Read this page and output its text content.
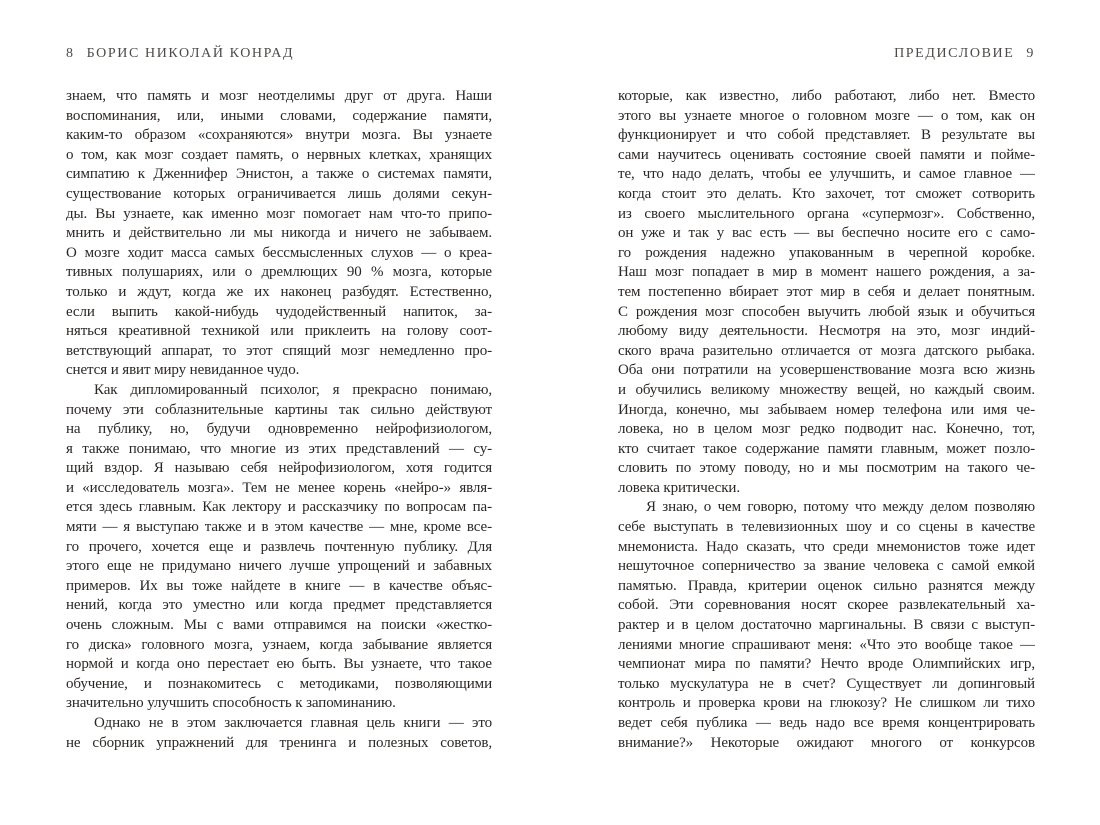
8 БОРИС НИКОЛАЙ КОНРАД
знаем, что память и мозг неотделимы друг от друга. Наши
воспоминания, или, иными словами, содержание памяти,
каким-то образом «сохраняются» внутри мозга. Вы узнаете
о том, как мозг создает память, о нервных клетках, хранящих
симпатию к Дженнифер Энистон, а также о системах памяти,
существование которых ограничивается лишь долями секун-
ды. Вы узнаете, как именно мозг помогает нам что-то припо-
мнить и действительно ли мы никогда и ничего не забываем.
О мозге ходит масса самых бессмысленных слухов — о креа-
тивных полушариях, или о дремлющих 90 % мозга, которые
только и ждут, когда же их наконец разбудят. Естественно,
если выпить какой-нибудь чудодейственный напиток, за-
няться креативной техникой или приклеить на голову соот-
ветствующий аппарат, то этот спящий мозг немедленно про-
снется и явит миру невиданное чудо.
Как дипломированный психолог, я прекрасно понимаю,
почему эти соблазнительные картины так сильно действуют
на публику, но, будучи одновременно нейрофизиологом,
я также понимаю, что многие из этих представлений — су-
щий вздор. Я называю себя нейрофизиологом, хотя годится
и «исследователь мозга». Тем не менее корень «нейро-» явля-
ется здесь главным. Как лектору и рассказчику по вопросам па-
мяти — я выступаю также и в этом качестве — мне, кроме все-
го прочего, хочется еще и развлечь почтенную публику. Для
этого еще не придумано ничего лучше упрощений и забавных
примеров. Их вы тоже найдете в книге — в качестве объяс-
нений, когда это уместно или когда предмет представляется
очень сложным. Мы с вами отправимся на поиски «жестко-
го диска» головного мозга, узнаем, когда забывание является
нормой и когда оно перестает ею быть. Вы узнаете, что такое
обучение, и познакомитесь с методиками, позволяющими
значительно улучшить способность к запоминанию.
Однако не в этом заключается главная цель книги — это
не сборник упражнений для тренинга и полезных советов,
ПРЕДИСЛОВИЕ 9
которые, как известно, либо работают, либо нет. Вместо
этого вы узнаете многое о головном мозге — о том, как он
функционирует и что собой представляет. В результате вы
сами научитесь оценивать состояние своей памяти и пойме-
те, что надо делать, чтобы ее улучшить, и самое главное —
когда стоит это делать. Кто захочет, тот сможет сотворить
из своего мыслительного органа «супермозг». Собственно,
он уже и так у вас есть — вы беспечно носите его с само-
го рождения надежно упакованным в черепной коробке.
Наш мозг попадает в мир в момент нашего рождения, а за-
тем постепенно вбирает этот мир в себя и делает понятным.
С рождения мозг способен выучить любой язык и обучиться
любому виду деятельности. Несмотря на это, мозг индий-
ского врача разительно отличается от мозга датского рыбака.
Оба они потратили на усовершенствование мозга всю жизнь
и обучились великому множеству вещей, но каждый своим.
Иногда, конечно, мы забываем номер телефона или имя че-
ловека, но в целом мозг редко подводит нас. Конечно, тот,
кто считает такое содержание памяти главным, может позло-
словить по этому поводу, но и мы посмотрим на такого че-
ловека критически.
Я знаю, о чем говорю, потому что между делом позволяю
себе выступать в телевизионных шоу и со сцены в качестве
мнемониста. Надо сказать, что среди мнемонистов тоже идет
нешуточное соперничество за звание человека с самой емкой
памятью. Правда, критерии оценок сильно разнятся между
собой. Эти соревнования носят скорее развлекательный ха-
рактер и в целом достаточно маргинальны. В связи с выступ-
лениями многие спрашивают меня: «Что это вообще такое —
чемпионат мира по памяти? Нечто вроде Олимпийских игр,
только мускулатура не в счет? Существует ли допинговый
контроль и проверка крови на глюкозу? Не слишком ли тихо
ведет себя публика — ведь надо все время концентрировать
внимание?» Некоторые ожидают многого от конкурсов
